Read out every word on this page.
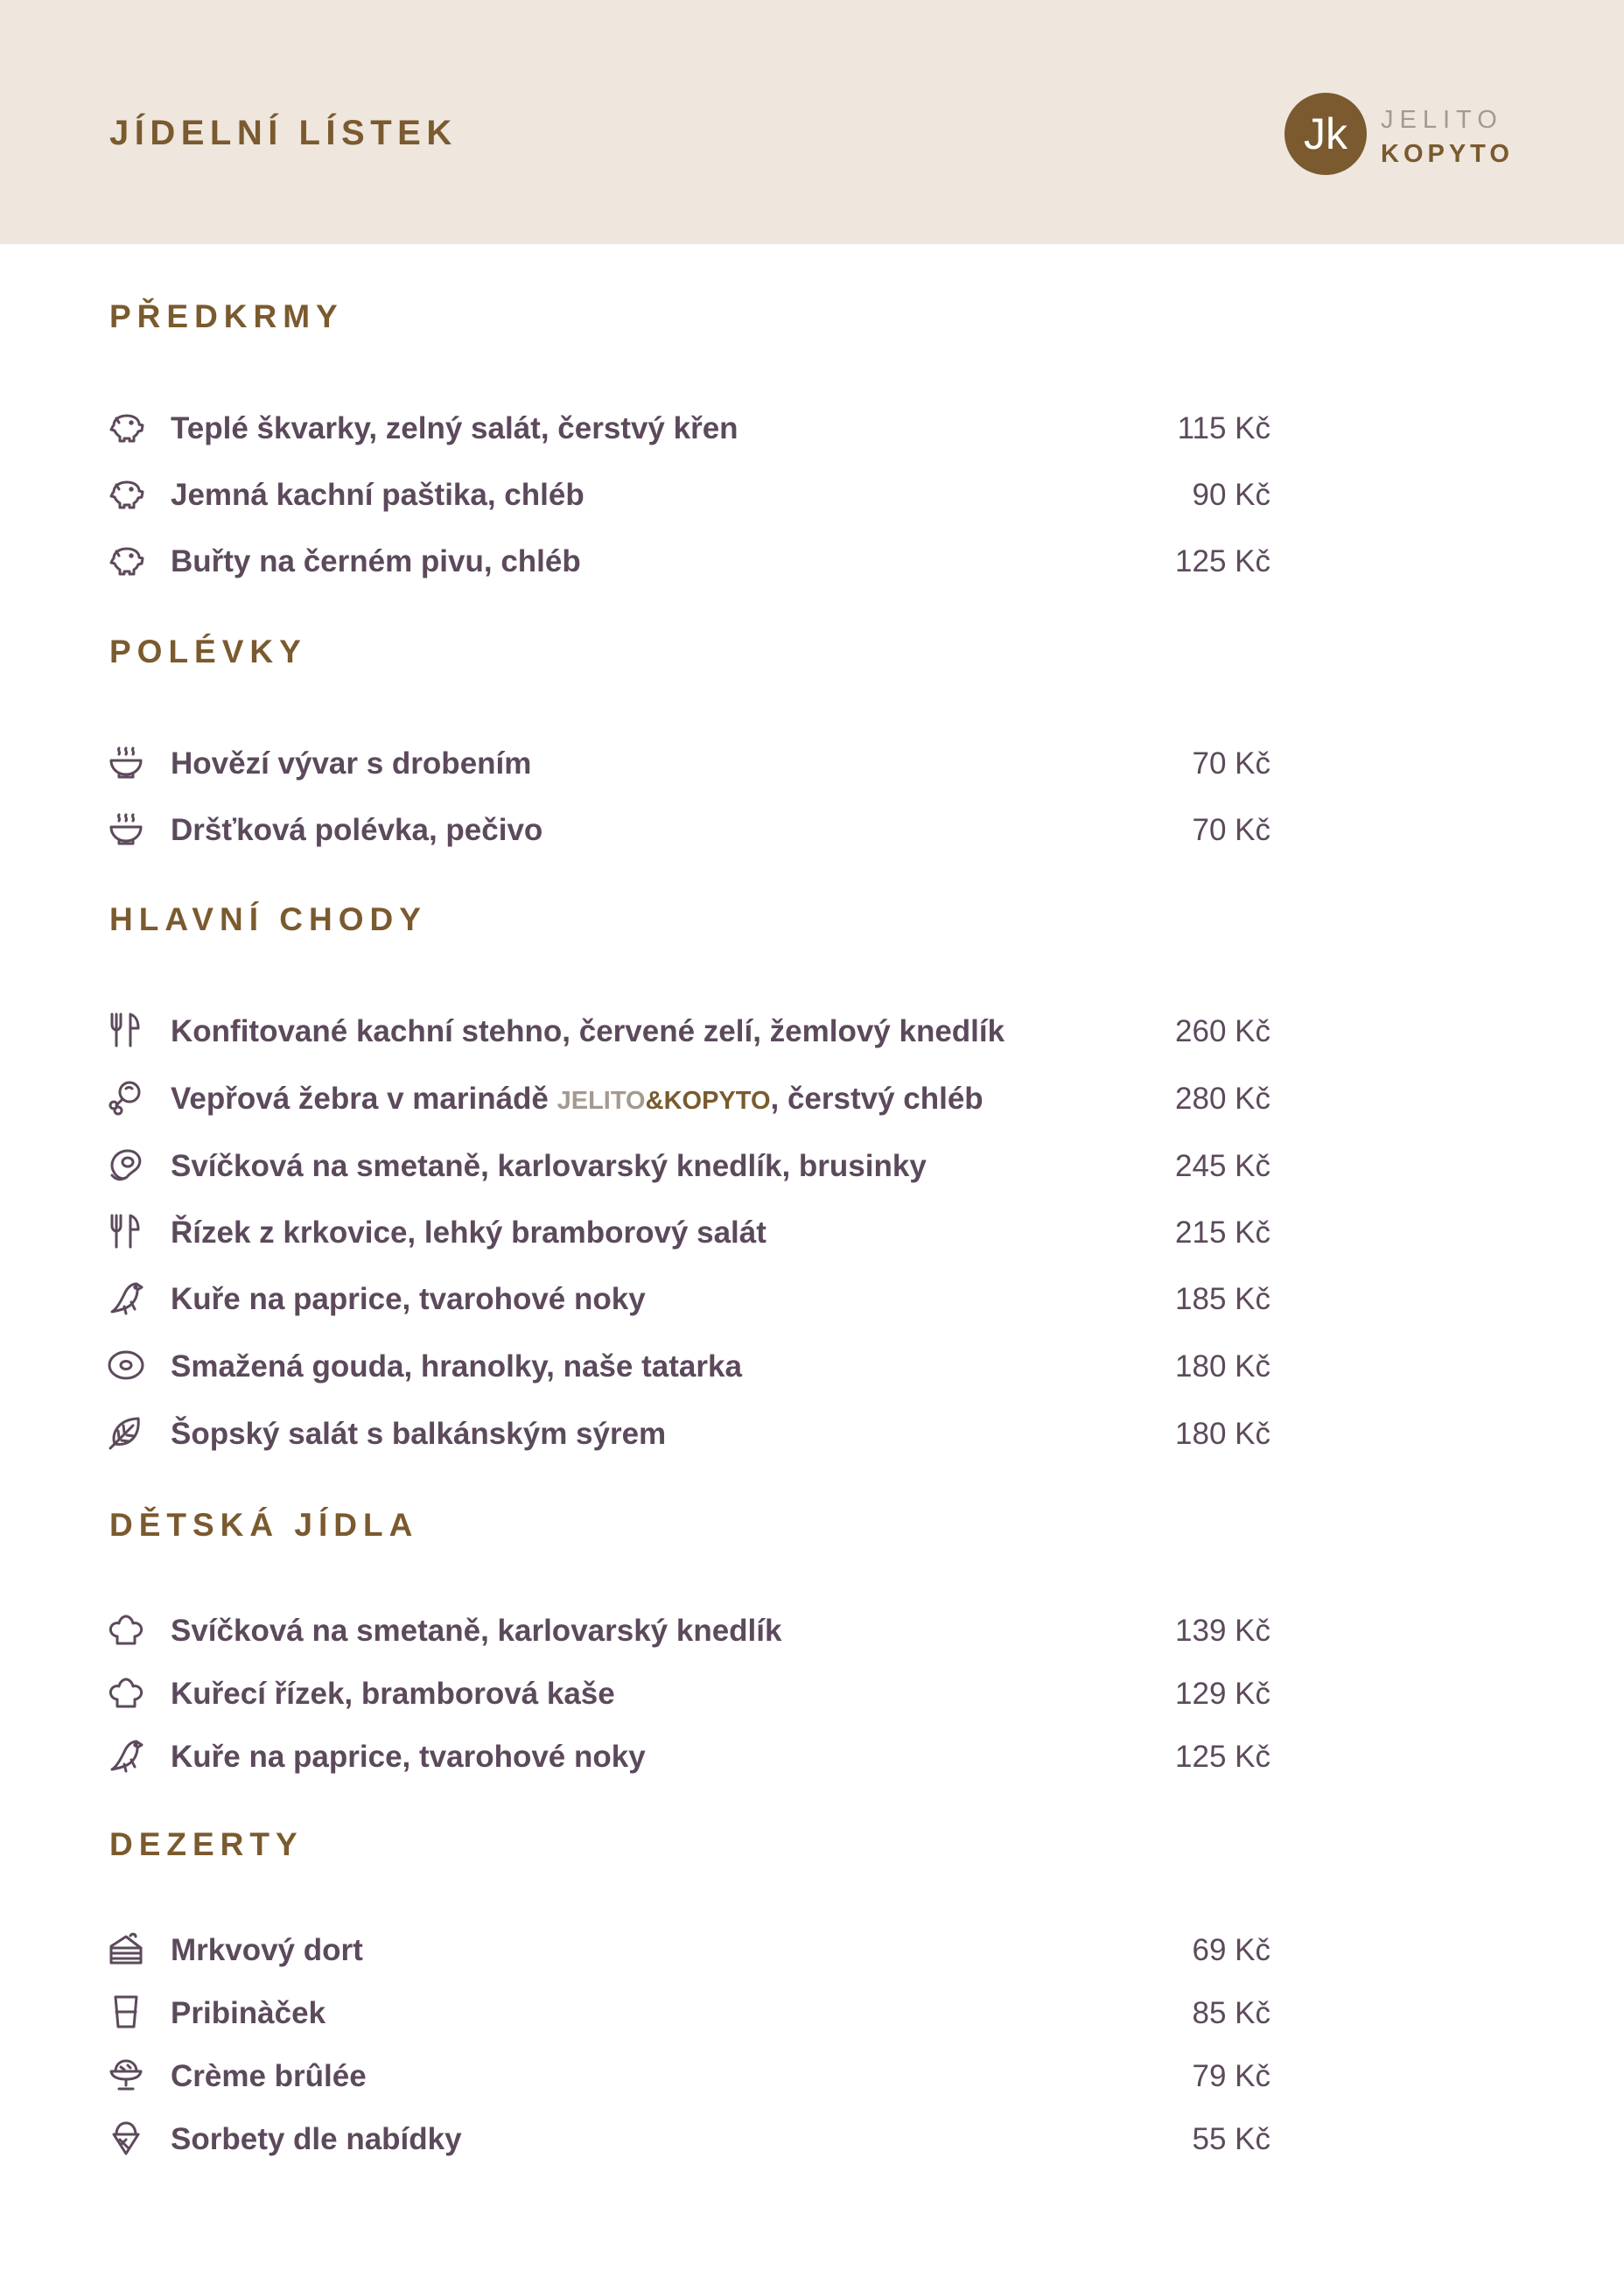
JÍDELNÍ LÍSTEK	Jk JELITO
KOPYTO
PŘEDKRMY
Teplé škvarky, zelný salát, čerstvý křen	115 Kč
Jemná kachní paštika, chléb	90 Kč
Buřty na černém pivu, chléb	125 Kč
POLÉVKY
Hovězí vývar s drobením	70 Kč
Dršťková polévka, pečivo	70 Kč
HLAVNÍ CHODY
Konfitované kachní stehno, červené zelí, žemlový knedlík	260 Kč
Vepřová žebra v marinádě JELITO&KOPYTO, čerstvý chléb	280 Kč
Svíčková na smetaně, karlovarský knedlík, brusinky	245 Kč
Řízek z krkovice, lehký bramborový salát	215 Kč
Kuře na paprice, tvarohové noky	185 Kč
Smažená gouda, hranolky, naše tatarka	180 Kč
Šopský salát s balkánským sýrem	180 Kč
DĚTSKÁ JÍDLA
Svíčková na smetaně, karlovarský knedlík	139 Kč
Kuřecí řízek, bramborová kaše	129 Kč
Kuře na paprice, tvarohové noky	125 Kč
DEZERTY
Mrkvový dort	69 Kč
Pribinàček	85 Kč
Crème brûlée	79 Kč
Sorbety dle nabídky	55 Kč
